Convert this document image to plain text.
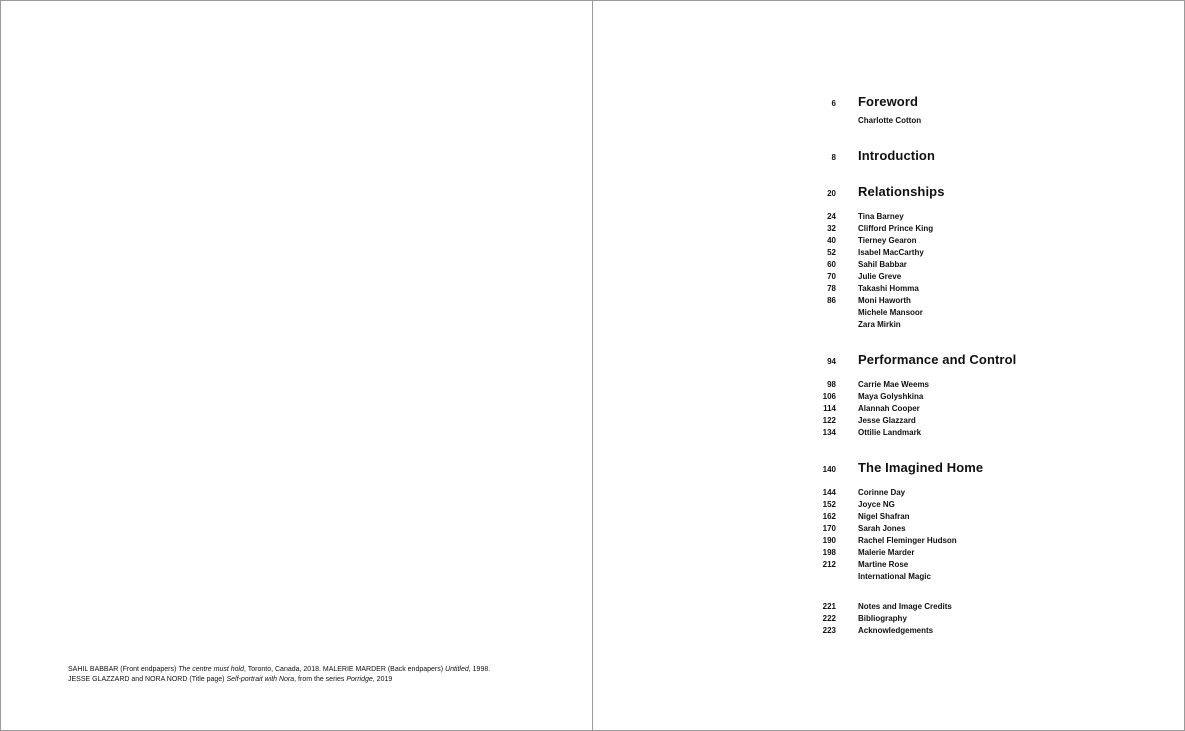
SAHIL BABBAR (Front endpapers) The centre must hold, Toronto, Canada, 2018. MALERIE MARDER (Back endpapers) Untitled, 1998.
JESSE GLAZZARD and NORA NORD (Title page) Self-portrait with Nora, from the series Porridge, 2019
6 Foreword
Charlotte Cotton
8 Introduction
20 Relationships
24	Tina Barney
32	Clifford Prince King
40	Tierney Gearon
52	Isabel MacCarthy
60	Sahil Babbar
70	Julie Greve
78	Takashi Homma
86	Moni Haworth
Michele Mansoor
Zara Mirkin
94 Performance and Control
98	Carrie Mae Weems
106	Maya Golyshkina
114	Alannah Cooper
122	Jesse Glazzard
134	Ottilie Landmark
140 The Imagined Home
144	Corinne Day
152	Joyce NG
162	Nigel Shafran
170	Sarah Jones
190	Rachel Fleminger Hudson
198	Malerie Marder
212	Martine Rose
International Magic
221	Notes and Image Credits
222	Bibliography
223	Acknowledgements
